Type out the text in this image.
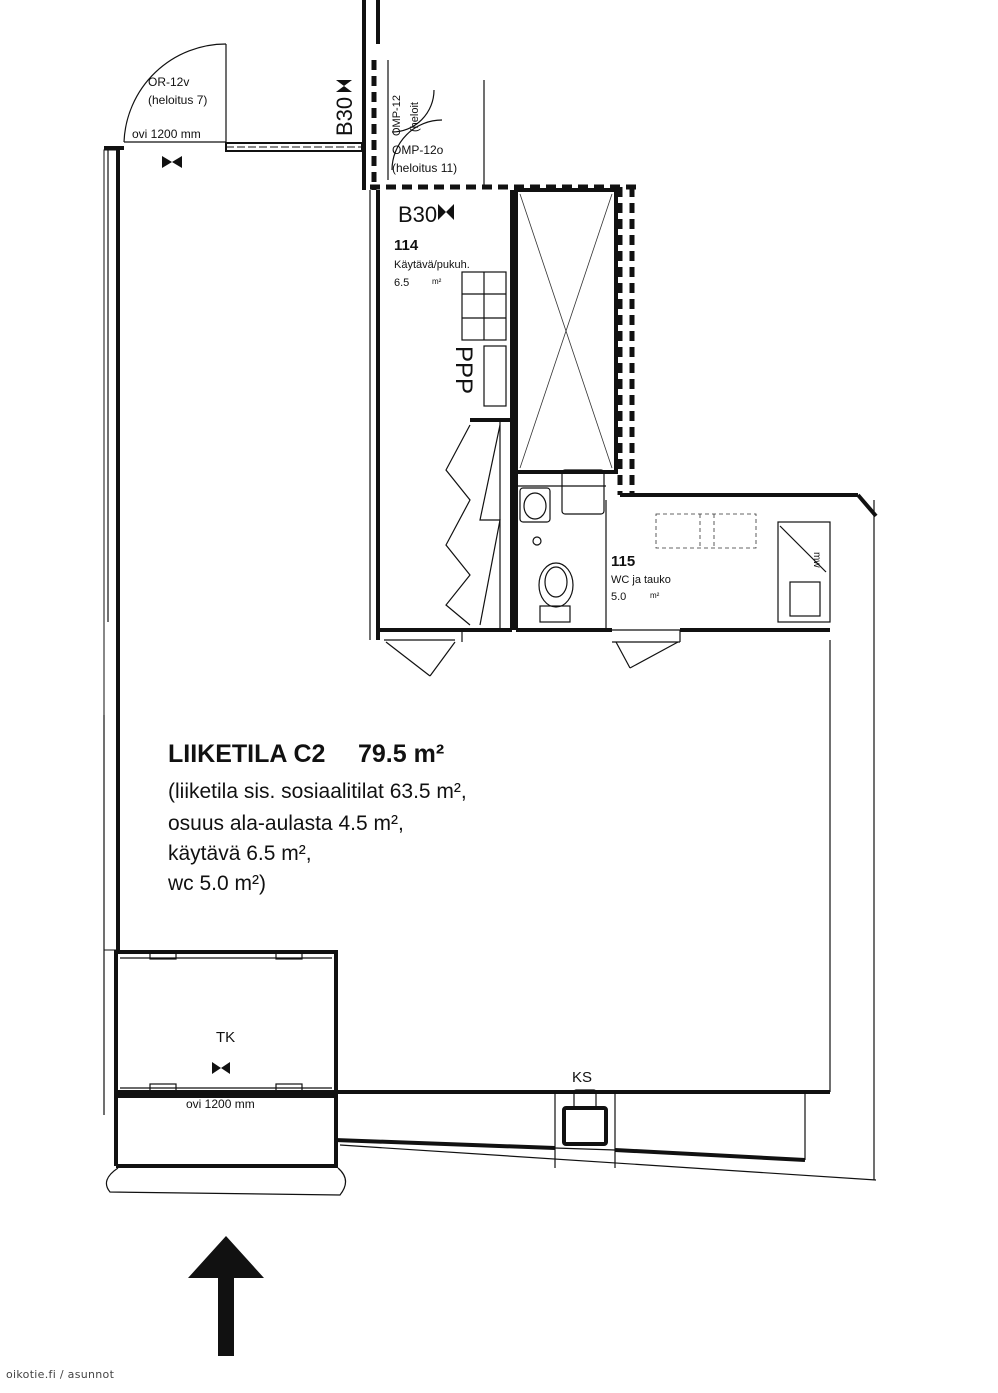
OR-12v
(heloitus 7)
ovi 1200 mm	B30	OMP-12 (heloit
OMP-12o
(heloitus 11)
B30
114
Käytävä/pukuh.
6.5	m²
PPP
115
WC ja tauko
5.0	m²
mw
LIIKETILA C2 79.5 m²
(liiketila sis. sosiaalitilat 63.5 m²,
osuus ala-aulasta 4.5 m²,
käytävä 6.5 m²,
wc 5.0 m²)
TK
ovi 1200 mm
KS
oikotie.fi / asunnot
